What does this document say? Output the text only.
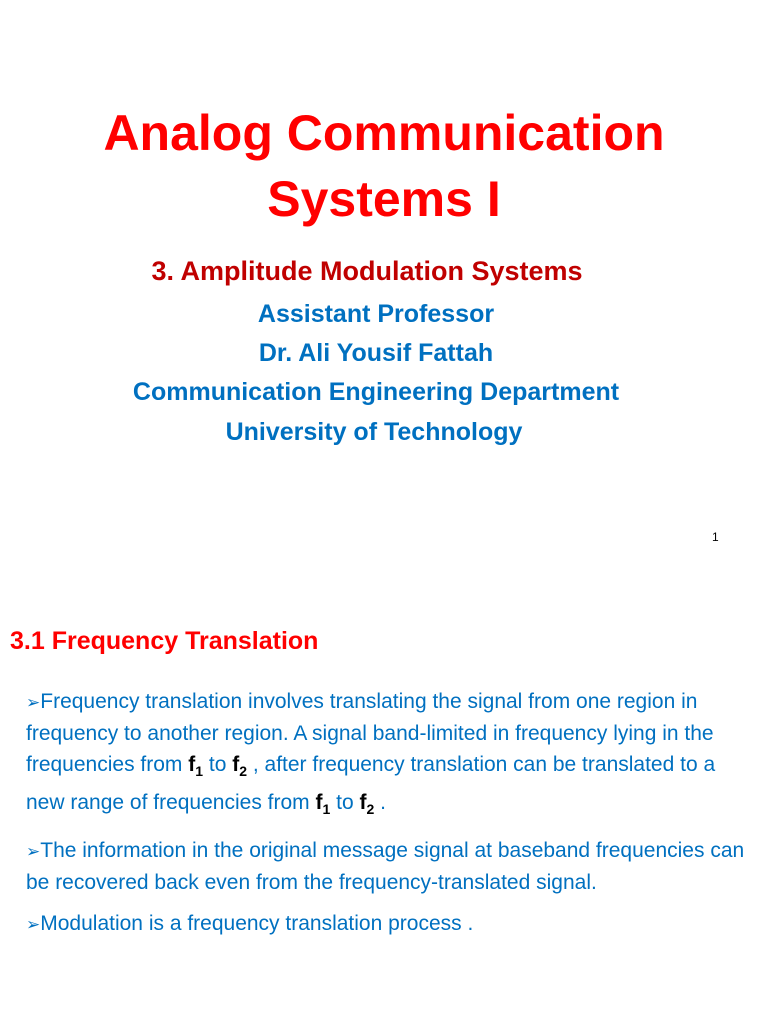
Analog Communication
Systems I
3. Amplitude Modulation Systems
Assistant Professor
Dr. Ali Yousif Fattah
Communication Engineering Department
University of Technology
1
3.1 Frequency Translation
➢Frequency translation involves translating the signal from one region in frequency to another region. A signal band-limited in frequency lying in the frequencies from $f_1$ to $f_2$ , after frequency translation can be translated to a new range of frequencies from $f_1$ to $f_2$ .
➢The information in the original message signal at baseband frequencies can be recovered back even from the frequency-translated signal.
➢Modulation is a frequency translation process .
